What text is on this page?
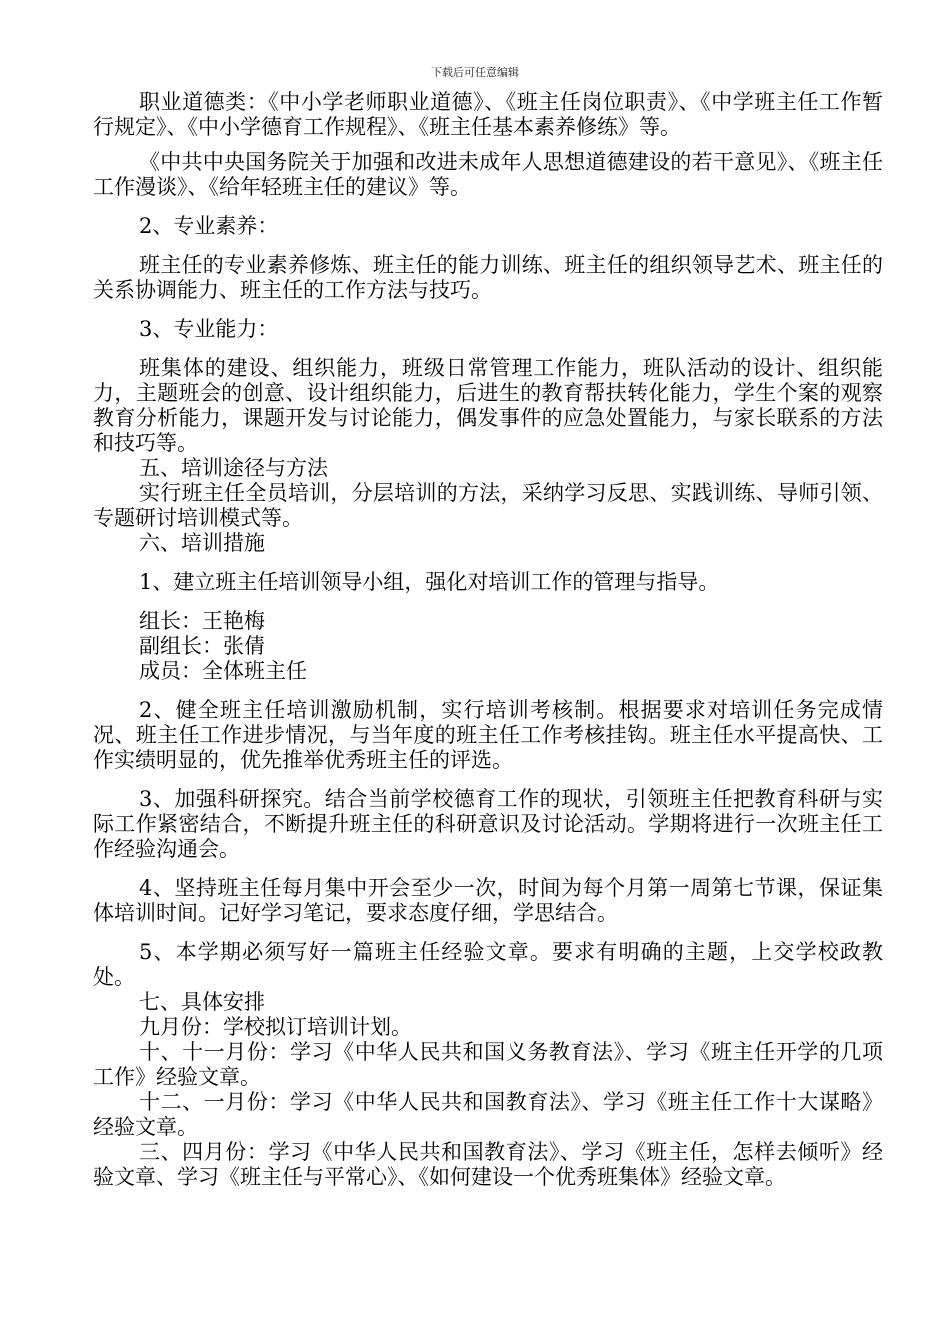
下载后可任意编辑

职业道德类：《中小学老师职业道德》、《班主任岗位职责》、《中学班主任工作暂行规定》、《中小学德育工作规程》、《班主任基本素养修练》等。

《中共中央国务院关于加强和改进未成年人思想道德建设的若干意见》、《班主任工作漫谈》、《给年轻班主任的建议》等。

2、专业素养：

班主任的专业素养修炼、班主任的能力训练、班主任的组织领导艺术、班主任的关系协调能力、班主任的工作方法与技巧。

3、专业能力：

班集体的建设、组织能力，班级日常管理工作能力，班队活动的设计、组织能力，主题班会的创意、设计组织能力，后进生的教育帮扶转化能力，学生个案的观察教育分析能力，课题开发与讨论能力，偶发事件的应急处置能力，与家长联系的方法和技巧等。

五、培训途径与方法

实行班主任全员培训，分层培训的方法，采纳学习反思、实践训练、导师引领、专题研讨培训模式等。

六、培训措施

1、建立班主任培训领导小组，强化对培训工作的管理与指导。

组长：王艳梅

副组长：张倩

成员：全体班主任

2、健全班主任培训激励机制，实行培训考核制。根据要求对培训任务完成情况、班主任工作进步情况，与当年度的班主任工作考核挂钩。班主任水平提高快、工作实绩明显的，优先推举优秀班主任的评选。

3、加强科研探究。结合当前学校德育工作的现状，引领班主任把教育科研与实际工作紧密结合，不断提升班主任的科研意识及讨论活动。学期将进行一次班主任工作经验沟通会。

4、坚持班主任每月集中开会至少一次，时间为每个月第一周第七节课，保证集体培训时间。记好学习笔记，要求态度仔细，学思结合。

5、本学期必须写好一篇班主任经验文章。要求有明确的主题，上交学校政教处。

七、具体安排

九月份：学校拟订培训计划。

十、十一月份：学习《中华人民共和国义务教育法》、学习《班主任开学的几项工作》经验文章。

十二、一月份：学习《中华人民共和国教育法》、学习《班主任工作十大谋略》经验文章。

三、四月份：学习《中华人民共和国教育法》、学习《班主任，怎样去倾听》经验文章、学习《班主任与平常心》、《如何建设一个优秀班集体》经验文章。
